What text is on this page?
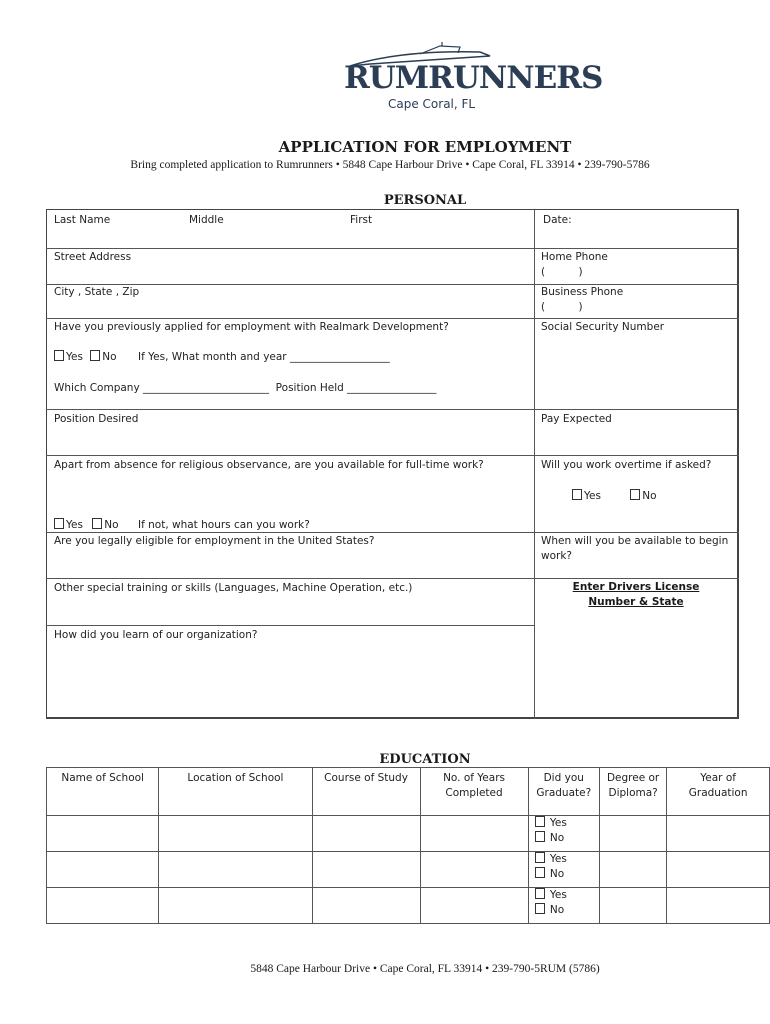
RUMRUNNERS
Cape Coral, FL
APPLICATION FOR EMPLOYMENT
Bring completed application to Rumrunners • 5848 Cape Harbour Drive • Cape Coral, FL 33914 • 239-790-5786
PERSONAL
Last Name	Middle	First	Date:
Street Address	Home Phone
(          )
City , State , Zip	Business Phone
(          )
Have you previously applied for employment with Realmark Development?	Social Security Number
Yes No If Yes, What month and year ___________________
Which Company ________________________  Position Held _________________
Position Desired	Pay Expected
Apart from absence for religious observance, are you available for full-time work?	Will you work overtime if asked?
Yes	No
Yes No If not, what hours can you work?
Are you legally eligible for employment in the United States?	When will you be available to begin work?
Other special training or skills (Languages, Machine Operation, etc.)	Enter Drivers License
Number & State
How did you learn of our organization?
EDUCATION
Name of School	Location of School	Course of Study	No. of Years Completed	Did you Graduate?	Degree or Diploma?	Year of Graduation

				Yes
No		

				Yes
No		

				Yes
No		

5848 Cape Harbour Drive • Cape Coral, FL 33914 • 239-790-5RUM (5786)
